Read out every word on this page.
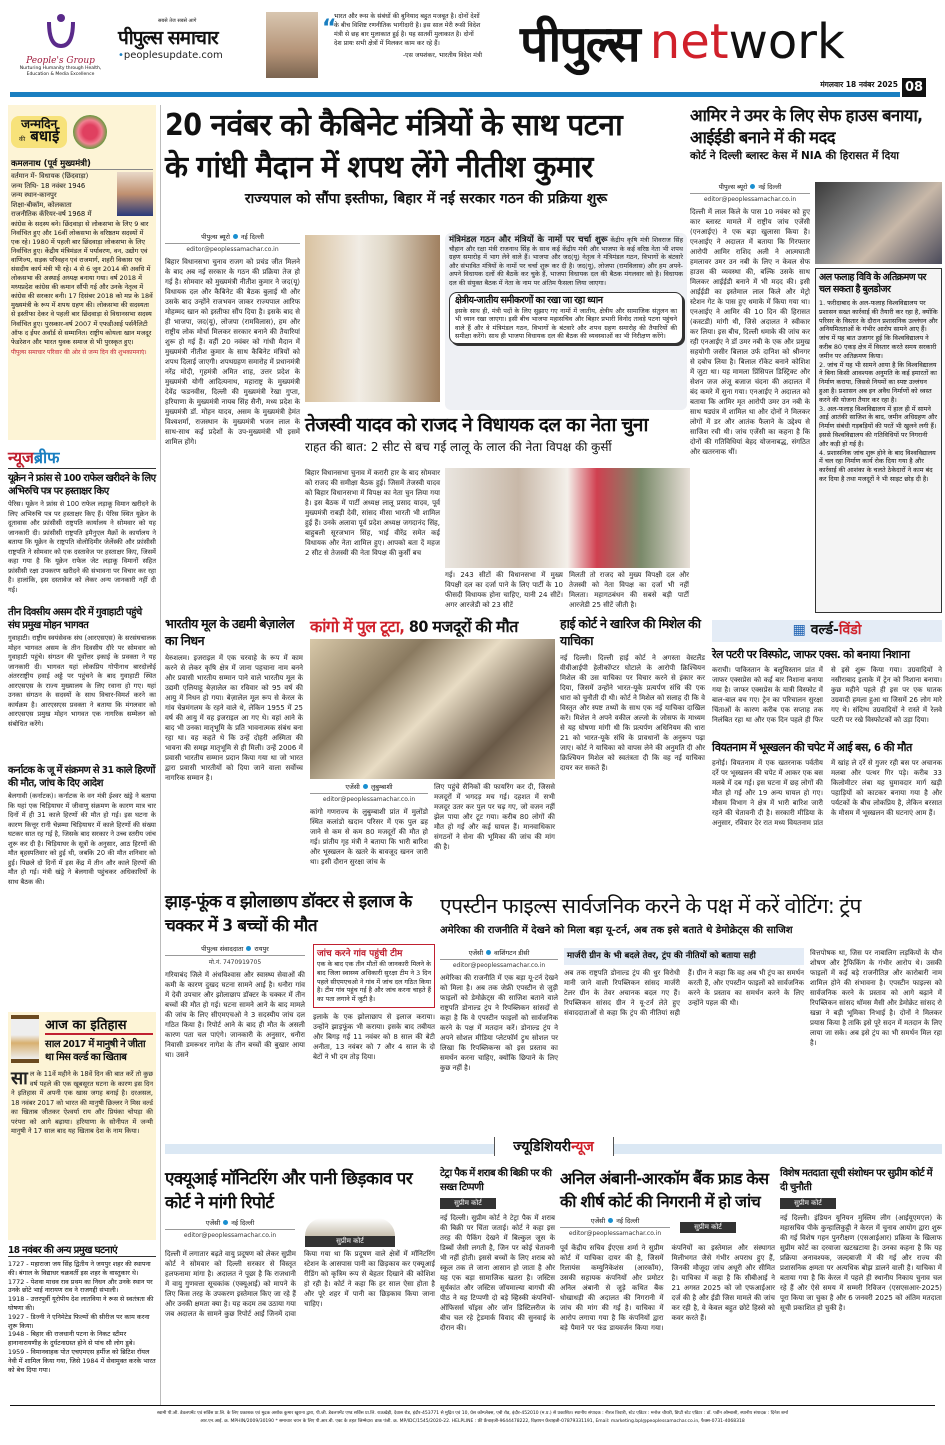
People's Group
Nurturing Humanity through Health, Education & Media Excellence
सबसे तेज सबसे आगे
पीपुल्स समाचार
•peoplesupdate.com
“
भारत और रूस के संबंधों की बुनियाद बहुत मजबूत है। दोनों देशों के बीच विशिष्ट रणनीतिक भागीदारी है। इस साल मेरी रूसी विदेश मंत्री से छह बार मुलाकात हुई है। यह सातवीं मुलाकात है। दोनों देश प्रायः सभी क्षेत्रों में मिलकर काम कर रहे हैं।
-एस जयशंकर, भारतीय विदेश मंत्री पीपुल्स network
मंगलवार 18 नवंबर 2025 08
जन्मदिन
की बधाई
कमलनाथ (पूर्व मुख्यमंत्री)
वर्तमान में- विधायक (छिंदवाड़ा)
जन्म तिथि- 18 नवंबर 1946
जन्म स्थान-कानपुर
शिक्षा-बीकॉम, कोलकाता
राजनीतिक कॅरियर-वर्ष 1968 में
कांग्रेस के सदस्य बने। छिंदवाड़ा से लोकसभा के लिए 9 बार निर्वाचित हुए और 16वीं लोकसभा के वरिष्ठतम सदस्यों में एक रहे। 1980 में पहली बार छिंदवाड़ा लोकसभा के लिए निर्वाचित हुए। केंद्रीय मंत्रिमंडल में पर्यावरण, वन, उद्योग एवं वाणिज्य, सड़क परिवहन एवं राजमार्ग, शहरी विकास एवं संसदीय कार्य मंत्री भी रहे। 4 से 6 जून 2014 की अवधि में लोकसभा की अस्थाई अध्यक्ष बनाया गया। वर्ष 2018 में मध्यप्रदेश कांग्रेस की कमान सौंपी गई और उनके नेतृत्व में कांग्रेस की सरकार बनी। 17 दिसंबर 2018 को मप्र के 18वें मुख्यमंत्री के रूप में शपथ ग्रहण की। लोकसभा की सदस्यता से इस्तीफा देकर वे पहली बार छिंदवाड़ा से विधानसभा सदस्य निर्वाचित हुए। पुरस्कार-वर्ष 2007 में एफडीआई पर्सनैलिटी ऑफ द ईयर अवॉर्ड से सम्मानित। राष्ट्रीय कोयला खान मजदूर फेडरेशन और भारत युवक समाज से भी पुरस्कृत हुए।
पीपुल्स समाचार परिवार की ओर से जन्म दिन की शुभकामनाएं।
न्यूजब्रीफ
यूक्रेन ने फ्रांस से 100 राफेल खरीदने के लिए अभिरुचि पत्र पर हस्ताक्षर किए
पेरिस। यूक्रेन ने फ्रांस से 100 राफेल लड़ाकू विमान खरीदने के लिए अभिरुचि पत्र पर हस्ताक्षर किए हैं। पेरिस स्थित यूक्रेन के दूतावास और फ्रांसीसी राष्ट्रपति कार्यालय ने सोमवार को यह जानकारी दी। फ्रांसीसी राष्ट्रपति इमैनुएल मैक्रों के कार्यालय ने बताया कि यूक्रेन के राष्ट्रपति वोलोदिमीर जेलेंस्की और फ्रांसीसी राष्ट्रपति ने सोमवार को एक दस्तावेज पर हस्ताक्षर किए, जिसमें कहा गया है कि यूक्रेन राफेल जेट लड़ाकू विमानों सहित फ्रांसीसी रक्षा उपकरण खरीदने की संभावना पर विचार कर रहा है। हालांकि, इस दस्तावेज को लेकर अन्य जानकारी नहीं दी गई।
तीन दिवसीय असम दौरे में गुवाहाटी पहुंचे संघ प्रमुख मोहन भागवत
गुवाहाटी। राष्ट्रीय स्वयंसेवक संघ (आरएसएस) के सरसंघचालक मोहन भागवत असम के तीन दिवसीय दौरे पर सोमवार को गुवाहाटी पहुंचे। संगठन की पूर्वोत्तर इकाई के प्रवक्ता ने यह जानकारी दी। भागवत यहां लोकप्रिय गोपीनाथ बारदोलोई अंतरराष्ट्रीय हवाई अड्डे पर पहुंचने के बाद गुवाहाटी स्थित आरएसएस के राज्य मुख्यालय के लिए रवाना हो गए। यहां उनका संगठन के सदस्यों के साथ विचार-विमर्श करने का कार्यक्रम है। आरएसएस प्रवक्ता ने बताया कि मंगलवार को आरएसएस प्रमुख मोहन भागवत एक नागरिक सम्मेलन को संबोधित करेंगे।
कर्नाटक के जू में संक्रमण से 31 काले हिरणों की मौत, जांच के दिए आदेश
बेलगावी (कर्नाटक)। कर्नाटक के वन मंत्री ईश्वर खंड्रे ने बताया कि यहां एक चिड़ियाघर में जीवाणु संक्रमण के कारण मात्र चार दिनों में ही 31 काले हिरणों की मौत हो गई। इस घटना के कारण कित्तूर रानी चेन्नम्मा चिड़ियाघर में काले हिरणों की संख्या घटकर सात रह गई है, जिसके बाद सरकार ने उच्च स्तरीय जांच शुरू कर दी है। चिड़ियाघर के सूत्रों के अनुसार, आठ हिरणों की मौत बृहस्पतिवार को हुई थी, जबकि 20 की मौत शनिवार को हुई। पिछले दो दिनों में इस केंद्र में तीन और काले हिरणों की मौत हो गई। मंत्री खंड्रे ने बेलगावी पहुंचकर अधिकारियों के साथ बैठक की।
आज का इतिहास
साल 2017 में मानुषी ने जीता था मिस वर्ल्ड का खिताब
साल के 11वें महीने के 18वें दिन की बात करें तो कुछ वर्ष पहले की एक खूबसूरत घटना के कारण इस दिन ने इतिहास में अपनी एक खास जगह बनाई है। दरअसल, 18 नवंबर 2017 को भारत की मानुषी छिल्लर ने मिस वर्ल्ड का खिताब जीतकर ऐश्वर्या राय और प्रियंका चोपड़ा की परंपरा को आगे बढ़ाया। हरियाणा के सोनीपत में जन्मी मानुषी ने 17 साल बाद यह खिताब देश के नाम किया।
18 नवंबर की अन्य प्रमुख घटनाएं
1727 - महाराजा जय सिंह द्वितीय ने जयपुर शहर की स्थापना की। बंगाल के विद्याधर चक्रवर्ती इस शहर के वास्तुकार थे।
1772 - पेशवा माधव राव प्रथम का निधन और उनके स्थान पर उनके छोटे भाई नारायण राव ने राजगद्दी संभाली।
1918 - उत्तरपूर्वी यूरोपीय देश लातविया ने रूस से स्वतंत्रता की घोषणा की।
1927 - डिज्नी ने एनिमेटेड फिल्मों की सीरीज पर काम करना शुरू किया।
1948 - बिहार की राजधानी पटना के निकट स्टीमर हानानारायणीह के दुर्घटनाग्रस्त होने से पांच सौ लोग डूबे।
1959 - विमानवाहक पोत एचएमएस हर्मीज को ब्रिटिश रॉयल नेवी में शामिल किया गया, जिसे 1984 में सेवामुक्त करके भारत को बेच दिया गया।
20 नवंबर को कैबिनेट मंत्रियों के साथ पटना
के गांधी मैदान में शपथ लेंगे नीतीश कुमार
राज्यपाल को सौंपा इस्तीफा, बिहार में नई सरकार गठन की प्रक्रिया शुरू
पीपुल्स ब्यूरो नई दिल्ली
editor@peoplessamachar.co.in
बिहार विधानसभा चुनाव राजग को प्रचंड जीत मिलने के बाद अब नई सरकार के गठन की प्रक्रिया तेज हो गई है। सोमवार को मुख्यमंत्री नीतीश कुमार ने जद(यू) विधायक दल और कैबिनेट की बैठक बुलाई थी और उसके बाद उन्होंने राजभवन जाकर राज्यपाल आरिफ मोहम्मद खान को इस्तीफा सौंप दिया है। इसके बाद से ही भाजपा, जद(यू), लोजपा (रामविलास), हम और राष्ट्रीय लोक मोर्चा मिलकर सरकार बनाने की तैयारियां शुरू हो गई हैं। वहीं 20 नवंबर को गांधी मैदान में मुख्यमंत्री नीतीश कुमार के साथ कैबिनेट मंत्रियों को शपथ दिलाई जाएगी। शपथग्रहण समारोह में प्रधानमंत्री नरेंद्र मोदी, गृहमंत्री अमित शाह, उत्तर प्रदेश के मुख्यमंत्री योगी आदित्यनाथ, महाराष्ट्र के मुख्यमंत्री देवेंद्र फडनवीस, दिल्ली की मुख्यमंत्री रेखा गुप्ता, हरियाणा के मुख्यमंत्री नायब सिंह सैनी, मध्य प्रदेश के मुख्यमंत्री डॉ. मोहन यादव, असम के मुख्यमंत्री हेमंत विश्वशर्मा, राजस्थान के मुख्यमंत्री भजन लाल के साथ-साथ कई प्रदेशों के उप-मुख्यमंत्री भी इसमें शामिल होंगे।
मंत्रिमंडल गठन और मंत्रियों के नामों पर चर्चा शुरू केंद्रीय कृषि मंत्री शिवराज सिंह चौहान और रक्षा मंत्री राजनाथ सिंह के साथ कई केंद्रीय मंत्री और भाजपा के कई वरिष्ठ नेता भी शपथ ग्रहण समारोह में भाग लेने वाले हैं। भाजपा और जद(यू) नेतृत्व ने मंत्रिमंडल गठन, विभागों के बंटवारे और संभावित मंत्रियों के नामों पर चर्चा शुरू कर दी है। जद(यू), लोजपा (रामविलास) और हम अपने-अपने विधायक दलों की बैठकें कर चुके हैं, भाजपा विधायक दल की बैठक मंगलवार को है। विधायक दल की संयुक्त बैठक में नेता के नाम पर अंतिम फैसला लिया जाएगा।
क्षेत्रीय-जातीय समीकरणों का रखा जा रहा ध्यान
इसके साथ ही, मंत्री पदों के लिए सुझाए गए नामों में जातीय, क्षेत्रीय और सामाजिक संतुलन का भी ध्यान रखा जाएगा। इसी बीच भाजपा महासचिव और बिहार प्रभारी विनोद तावड़े पटना पहुंचने वाले हैं और वे मंत्रिमंडल गठन, विभागों के बंटवारे और शपथ ग्रहण समारोह की तैयारियों की समीक्षा करेंगे। साथ ही भाजपा विधायक दल की बैठक की व्यवस्थाओं का भी निरीक्षण करेंगे।
तेजस्वी यादव को राजद ने विधायक दल का नेता चुना
राहत की बात: 2 सीट से बच गई लालू के लाल की नेता विपक्ष की कुर्सी
बिहार विधानसभा चुनाव में करारी हार के बाद सोमवार को राजद की समीक्षा बैठक हुई। जिसमें तेजस्वी यादव को बिहार विधानसभा में विपक्ष का नेता चुन लिया गया है। इस बैठक में पार्टी अध्यक्ष लालू प्रसाद यादव, पूर्व मुख्यमंत्री राबड़ी देवी, सांसद मीसा भारती भी शामिल हुई हैं। उनके अलावा पूर्व प्रदेश अध्यक्ष जगदानंद सिंह, बाहुबली सूरजभान सिंह, भाई वीरेंद्र समेत कई विधायक और नेता शामिल हुए। आपको बता दें महज 2 सीट से तेजस्वी की नेता विपक्ष की कुर्सी बच
गई। 243 सीटों की विधानसभा में मुख्य विपक्षी दल का दर्जा पाने के लिए पार्टी के 10 फीसदी विधायक होना चाहिए, यानी 24 सीटें। अगर आरजेडी को 23 सीटें
मिलती तो राजद को मुख्य विपक्षी दल और तेजस्वी को नेता विपक्ष का दर्जा भी नहीं मिलता। महागठबंधन की सबसे बड़ी पार्टी आरजेडी 25 सीटें जीती है।
आमिर ने उमर के लिए सेफ हाउस बनाया, आईईडी बनाने में की मदद
कोर्ट ने दिल्ली ब्लास्ट केस में NIA की हिरासत में दिया
पीपुल्स ब्यूरो नई दिल्ली
editor@peoplessamachar.co.in
दिल्ली में लाल किले के पास 10 नवंबर को हुए कार ब्लास्ट मामले में राष्ट्रीय जांच एजेंसी (एनआईए) ने एक बड़ा खुलासा किया है। एनआईए ने अदालत में बताया कि गिरफ्तार आरोपी आमिर राशिद अली ने आत्मघाती हमलावर उमर उन नबी के लिए न केवल सेफ हाउस की व्यवस्था की, बल्कि उसके साथ मिलकर आईईडी बनाने में भी मदद की। इसी आईईडी का इस्तेमाल लाल किले और मेट्रो स्टेशन गेट के पास हुए धमाके में किया गया था। एनआईए ने आमिर की 10 दिन की हिरासत (कस्टडी) मांगी थी, जिसे अदालत ने स्वीकार कर लिया। इस बीच, दिल्ली धमाके की जांच कर रही एनआईए ने डॉ उमर नबी के एक और प्रमुख सहयोगी जसीर बिलाल उर्फ दानिश को श्रीनगर से दबोच लिया है। बिलाल रॉकेट बनाने कोशिश में जुटा था। यह मामला प्रिंसिपल डिस्ट्रिक्ट और सेशन जज अंजू बजाज चंदना की अदालत में बंद कमरे में सुना गया। एनआईए ने अदालत को बताया कि आमिर मृत आरोपी उमर उन नबी के साथ षड्यंत्र में शामिल था और दोनों ने मिलकर लोगों में डर और आतंक फैलाने के उद्देश्य से साजिश रची थी। जांच एजेंसी का कहना है कि दोनों की गतिविधियां बेहद योजनाबद्ध, संगठित और खतरनाक थीं।
अल फलाह विवि के अतिक्रमण पर चल सकता है बुलडोजर
1. फरीदाबाद के अल-फलाह विश्वविद्यालय पर प्रशासन सख्त कार्रवाई की तैयारी कर रहा है, क्योंकि परिसर के विस्तार के दौरान प्रशासनिक उल्लंघन और अनियमितताओं के गंभीर आरोप सामने आए हैं। जांच में यह बात उजागर हुई कि विश्वविद्यालय ने करीब 80 एकड़ क्षेत्र में विस्तार करते समय सरकारी जमीन पर अतिक्रमण किया।
2. जांच में यह भी सामने आया है कि विश्वविद्यालय ने बिना किसी आवश्यक अनुमति के कई इमारतों का निर्माण कराया, जिससे नियमों का स्पष्ट उल्लंघन हुआ है। प्रशासन अब इन अवैध निर्माणों को ध्वस्त करने की योजना तैयार कर रहा है।
3. अल-फलाह विश्वविद्यालय में हाल ही में सामने आई आतंकी साजिश के बाद, जमीन अधिग्रहण और निर्माण संबंधी गड़बड़ियों की परतें भी खुलने लगी हैं। इससे विश्वविद्यालय की गतिविधियों पर निगरानी और कड़ी हो गई है।
4. प्रशासनिक जांच शुरू होने के बाद विश्वविद्यालय में चल रहा निर्माण कार्य रोक दिया गया है और कार्रवाई की आशंका के चलते ठेकेदारों ने काम बंद कर दिया है तथा मजदूरों ने भी साइट छोड़ दी है।
भारतीय मूल के उद्यमी बेज़ालेल का निधन
येरुशलम। इजराइल में एक चरवाहे के रूप में काम करने से लेकर कृषि क्षेत्र में जाना पहचाना नाम बनने और प्रवासी भारतीय सम्मान पाने वाले भारतीय मूल के उद्यमी एलियाहू बेज़ालेल का रविवार को 95 वर्ष की आयु में निधन हो गया। बेज़ालेल मूल रूप से केरल के गांव चेन्नमंगलम के रहने वाले थे, लेकिन 1955 में 25 वर्ष की आयु में वह इजराइल आ गए थे। वहां आने के बाद भी उनका मातृभूमि के प्रति भावनात्मक संबंध बना रहा था। वह कहते थे कि उन्हें दोहरी अस्मिता की भावना की समझ मातृभूमि से ही मिली। उन्हें 2006 में प्रवासी भारतीय सम्मान प्रदान किया गया था जो भारत द्वारा प्रवासी भारतीयों को दिया जाने वाला सर्वोच्च नागरिक सम्मान है।
कांगो में पुल टूटा, 80 मजदूरों की मौत
एजेंसी लुबुम्बाशी
editor@peoplessamachar.co.in
कांगो गणराज्य के लुबुम्बाशी प्रांत में मुलोंडो स्थित कलांडो खदान परिसर में एक पुल ढह जाने से कम से कम 80 मजदूरों की मौत हो गई। प्रांतीय गृह मंत्री ने बताया कि भारी बारिश और भूस्खलन के खतरे के बावजूद खनन जारी था। इसी दौरान सुरक्षा जांच के
लिए पहुंचे सैनिकों की फायरिंग कर दी, जिससे मजदूरों में भगदड़ मच गई। दहशत में सभी मजदूर उतर कर पुल पर चढ़ गए, जो वजन नहीं झेल पाया और टूट गया। करीब 80 लोगों की मौत हो गई और कई घायल हैं। मानवाधिकार संगठनों ने सेना की भूमिका की जांच की मांग की है।
हाई कोर्ट ने खारिज की मिशेल की याचिका
नई दिल्ली। दिल्ली हाई कोर्ट ने अगस्ता वेस्टलैंड वीवीआईपी हेलीकॉप्टर घोटाले के आरोपी क्रिश्चियन मिशेल की उस याचिका पर विचार करने से इंकार कर दिया, जिसमें उन्होंने भारत-यूके प्रत्यर्पण संधि की एक धारा को चुनौती दी थी। कोर्ट ने मिशेल को सलाह दी कि वे विस्तृत और स्पष्ट तथ्यों के साथ एक नई याचिका दाखिल करें। मिशेल ने अपने वकील अल्जो के जोसफ के माध्यम से यह घोषणा मांगी थी कि प्रत्यर्पण अधिनियम की धारा 21 को भारत-यूके संधि के प्रावधानों के अनुरूप पढ़ा जाए। कोर्ट ने याचिका को वापस लेने की अनुमति दी और क्रिश्चियन मिशेल को स्वतंत्रता दी कि वह नई याचिका दायर कर सकते हैं।
▦ वर्ल्ड-विंडो
रेल पटरी पर विस्फोट, जाफर एक्स. को बनाया निशाना
कराची। पाकिस्तान के बलूचिस्तान प्रांत में जाफर एक्सप्रेस को कई बार निशाना बनाया गया है। जाफर एक्सप्रेस के यात्री विस्फोट में बाल-बाल बच गए। ट्रेन का परिचालन सुरक्षा चिंताओं के कारण करीब एक सप्ताह तक निलंबित रहा था और एक दिन पहले ही फिर से इसे शुरू किया गया। उग्रवादियों ने नसीराबाद इलाके में ट्रेन को निशाना बनाया। कुछ महीने पहले ही इस पर एक घातक उग्रवादी हमला हुआ था जिसमें 26 लोग मारे गए थे। संदिग्ध उग्रवादियों ने रास्ते में रेलवे पटरी पर रखे विस्फोटकों को उड़ा दिया।
वियतनाम में भूस्खलन की चपेट में आई बस, 6 की मौत
हनोई। वियतनाम में एक खतरनाक पर्वतीय दर्रे पर भूस्खलन की चपेट में आकर एक बस मलबे में दब गई। इस घटना में छह लोगों की मौत हो गई और 19 अन्य घायल हो गए। मौसम विभाग ने क्षेत्र में भारी बारिश जारी रहने की चेतावनी दी है। सरकारी मीडिया के अनुसार, रविवार देर रात मध्य वियतनाम प्रांत में खांह ले दर्रे से गुजर रही बस पर अचानक मलबा और पत्थर गिर पड़े। करीब 33 किलोमीटर लंबा यह घुमावदार मार्ग खड़ी पहाड़ियों को काटकर बनाया गया है और पर्यटकों के बीच लोकप्रिय है, लेकिन बरसात के मौसम में भूस्खलन की घटनाएं आम हैं।
झाड़-फूंक व झोलाछाप डॉक्टर से इलाज के चक्कर में 3 बच्चों की मौत
पीपुल्स संवाददाता रायपुर
मो.नं. 7470919705
गरियाबंद जिले में अंधविश्वास और स्वास्थ्य सेवाओं की कमी के कारण दुखद घटना सामने आई है। धनौरा गांव में देवी उपचार और झोलाछाप डॉक्टर के चक्कर में तीन बच्चों की मौत हो गई। घटना सामने आने के बाद मामले की जांच के लिए सीएमएचओ ने 3 सदस्यीय जांच दल गठित किया है। रिपोर्ट आने के बाद ही मौत के असली कारण पता चल पाएंगे। जानकारी के अनुसार, धनौरा निवासी डमरूधर नागेश के तीन बच्चों की बुखार आया था। उसने
जांच करने गांव पहुंची टीम
एक के बाद एक तीन मौतों की जानकारी मिलने के बाद जिला स्वास्थ्य अधिकारी सुरक्षा टीम ने 3 दिन पहले सीएमएचओ ने गांव में जांच दल गठित किया है। टीम गांव पहुंच गई है और जांच करना चाहते हैं का पता लगाने में जुटी है।
इलाके के एक झोलाछाप से इलाज कराया। उन्होंने झाड़फूंक भी कराया। इसके बाद तबीयत और बिगड़ गई 11 नवंबर को 8 साल की बेटी अनीता, 13 नवंबर को 7 और 4 साल के दो बेटों ने भी दम तोड़ दिया।
एपस्टीन फाइल्स सार्वजनिक करने के पक्ष में करें वोटिंग: ट्रंप
अमेरिका की राजनीति में देखने को मिला बड़ा यू-टर्न, अब तक इसे बताते थे डेमोक्रेट्स की साजिश
एजेंसी वाशिंगटन डीसी
editor@peoplessamachar.co.in
अमेरिका की राजनीति में एक बड़ा यू-टर्न देखने को मिला है। अब तक जेफ्री एपस्टीन से जुड़ी फाइलों को डेमोक्रेट्स की साजिश बताने वाले राष्ट्रपति डोनाल्ड ट्रंप ने रिपब्लिकन सांसदों से कहा है कि वे एपस्टीन फाइलों को सार्वजनिक करने के पक्ष में मतदान करें। डोनाल्ड ट्रंप ने अपने सोशल मीडिया प्लेटफॉर्म ट्रुथ सोशल पर लिखा कि रिपब्लिकन्स को इस प्रस्ताव का समर्थन करना चाहिए, क्योंकि छिपाने के लिए कुछ नहीं है।
मार्जरी ग्रीन के भी बदले तेवर, ट्रंप की नीतियों को बताया सही
अब तक राष्ट्रपति डोनाल्ड ट्रंप की धुर विरोधी मानी जाने वाली रिपब्लिकन सांसद मार्जरी टेलर ग्रीन के तेवर अचानक बदल गए हैं। रिपब्लिकन सांसद ग्रीन ने यू-टर्न लेते हुए संवाददाताओं से कहा कि ट्रंप की नीतियां सही हैं। ग्रीन ने कहा कि वह अब भी ट्रंप का समर्थन करती हैं, और एपस्टीन फाइलों को सार्वजनिक करने के प्रस्ताव का समर्थन करने के लिए उन्होंने पहल की थी।
वित्तपोषक था, जिस पर नाबालिग लड़कियों के यौन शोषण और ट्रैफिकिंग के गंभीर आरोप थे। उसकी फाइलों में कई बड़े राजनीतिज्ञ और कारोबारी नाम शामिल होने की संभावना है। एपस्टीन फाइल्स को सार्वजनिक करने के प्रस्ताव को आगे बढ़ाने में रिपब्लिकन सांसद थॉमस मैसी और डेमोक्रेट सांसद रो खन्ना ने बड़ी भूमिका निभाई है। दोनों ने मिलकर प्रयास किया है ताकि इसे पूरे सदन में मतदान के लिए लाया जा सके। अब इसे ट्रंप का भी समर्थन मिल रहा है।
ज्यूडिशियरीन्यूज
एक्यूआई मॉनिटरिंग और पानी छिड़काव पर कोर्ट ने मांगी रिपोर्ट
एजेंसी नई दिल्ली
editor@peoplessamachar.co.in
सुप्रीम कोर्ट
दिल्ली में लगातार बढ़ते वायु प्रदूषण को लेकर सुप्रीम कोर्ट ने सोमवार को दिल्ली सरकार से विस्तृत हलफनामा मांगा है। अदालत ने पूछा है कि राजधानी में वायु गुणवत्ता सूचकांक (एक्यूआई) को मापने के लिए किस तरह के उपकरण इस्तेमाल किए जा रहे हैं और उनकी क्षमता क्या है। यह कदम तब उठाया गया जब अदालत के सामने कुछ रिपोर्ट आईं जिनमें दावा किया गया था कि प्रदूषण वाले क्षेत्रों में मॉनिटरिंग स्टेशन के आसपास पानी का छिड़काव कर एक्यूआई रीडिंग को कृत्रिम रूप से बेहतर दिखाने की कोशिश हो रही है। कोर्ट ने कहा कि हर साल ऐसा होता है और पूरे शहर में पानी का छिड़काव किया जाना चाहिए।
टेट्रा पैक में शराब की बिक्री पर की सख्त टिप्पणी
सुप्रीम कोर्ट
नई दिल्ली। सुप्रीम कोर्ट ने टेट्रा पैक में शराब की बिक्री पर चिंता जताई। कोर्ट ने कहा इस तरह की पैकिंग देखने में बिल्कुल जूस के डिब्बों जैसी लगती है, जिन पर कोई चेतावनी भी नहीं होती। इससे बच्चों के लिए शराब को स्कूल तक ले जाना आसान हो जाता है और यह एक बड़ा सामाजिक खतरा है। जस्टिस सूर्यकांत और जस्टिस जॉयमाल्या बागची की पीठ ने यह टिप्पणी दो बड़े व्हिस्की कंपनियों-ऑफिसर्स चॉइस और जॉन डिस्टिलरीज के बीच चल रहे ट्रेडमार्क विवाद की सुनवाई के दौरान की।
अनिल अंबानी-आरकॉम बैंक फ्राड केस की शीर्ष कोर्ट की निगरानी में हो जांच
एजेंसी नई दिल्ली
editor@peoplessamachar.co.in
सुप्रीम कोर्ट
पूर्व केंद्रीय सचिव ईएएस शर्मा ने सुप्रीम कोर्ट में याचिका दायर की है, जिसमें रिलायंस कम्युनिकेशंस (आरकॉम), उसकी सहायक कंपनियों और प्रमोटर अनिल अंबानी से जुड़े कथित बैंक धोखाधड़ी की अदालत की निगरानी में जांच की मांग की गई है। याचिका में आरोप लगाया गया है कि कंपनियों द्वारा बड़े पैमाने पर फंड डायवर्जन किया गया। कंपनियों का इस्तेमाल और संस्थागत मिलीभगत जैसे गंभीर अपराध हुए हैं, जिनकी मौजूदा जांच अधूरी और सीमित है। याचिका में कहा है कि सीबीआई ने 21 अगस्त 2025 को जो एफआईआर दर्ज की है और ईडी जिस मामले की जांच कर रही है, वे केवल बहुत छोटे हिस्से को कवर करते हैं।
विशेष मतदाता सूची संशोधन पर सुप्रीम कोर्ट में दी चुनौती
सुप्रीम कोर्ट
नई दिल्ली। इंडियन यूनियन मुस्लिम लीग (आईयूएमएल) के महासचिव पीके कुन्हालिकुट्टी ने केरल में चुनाव आयोग द्वारा शुरू की गई विशेष गहन पुनरीक्षण (एसआईआर) प्रक्रिया के खिलाफ सुप्रीम कोर्ट का दरवाजा खटखटाया है। उनका कहना है कि यह प्रक्रिया अनावश्यक, जल्दबाजी में की गई और राज्य की प्रशासनिक क्षमता पर अत्यधिक बोझ डालने वाली है। याचिका में बताया गया है कि केरल में पहले ही स्थानीय निकाय चुनाव चल रहे हैं और ऐसे समय में सम्मरी रिविजन (एसएसआर-2025) पूरा किया जा चुका है और 6 जनवरी 2025 को अंतिम मतदाता सूची प्रकाशित हो चुकी है।
स्वामी पी.जी. डेवलपमेंट एवं सर्विस प्रा.लि. के लिए प्रकाशक एवं मुद्रक अशोक कुमार खुराना द्वारा, पी.जी. डेवलपमेंट एण्ड सर्विस प्रा.लि. राऊखेड़ी, देवास रोड, इंदौर-453771 से मुद्रित एवं 10, प्रेस कॉम्प्लेक्स, एबी रोड, इंदौर-452010 (म.प्र.) से प्रकाशित। स्थानीय संपादक : नीरज तिवारी, स्टेट एडिटर : मनोज चौधरी, डिप्टी स्टेट एडिटर : डॉ. पर्वीन ओम्बासी, स्थानीय संपादक : दिनेश शर्मा
आर.एन.आई. क्र. MPHIN/2009/30190 * समाचार चयन के लिए पी.आर.बी. एक्ट के तहत जिम्मेदार। डाक पंजी. क्र. MP/IDC/1545/2020-22. HELPLINE : फ्री फ्रेंचाइजी-9644478222, विज्ञापन फ्रेंचाइजी-07879331191, Email: marketing.bpl@peoplessamachar.co.in, फैक्स-0731-4068318
